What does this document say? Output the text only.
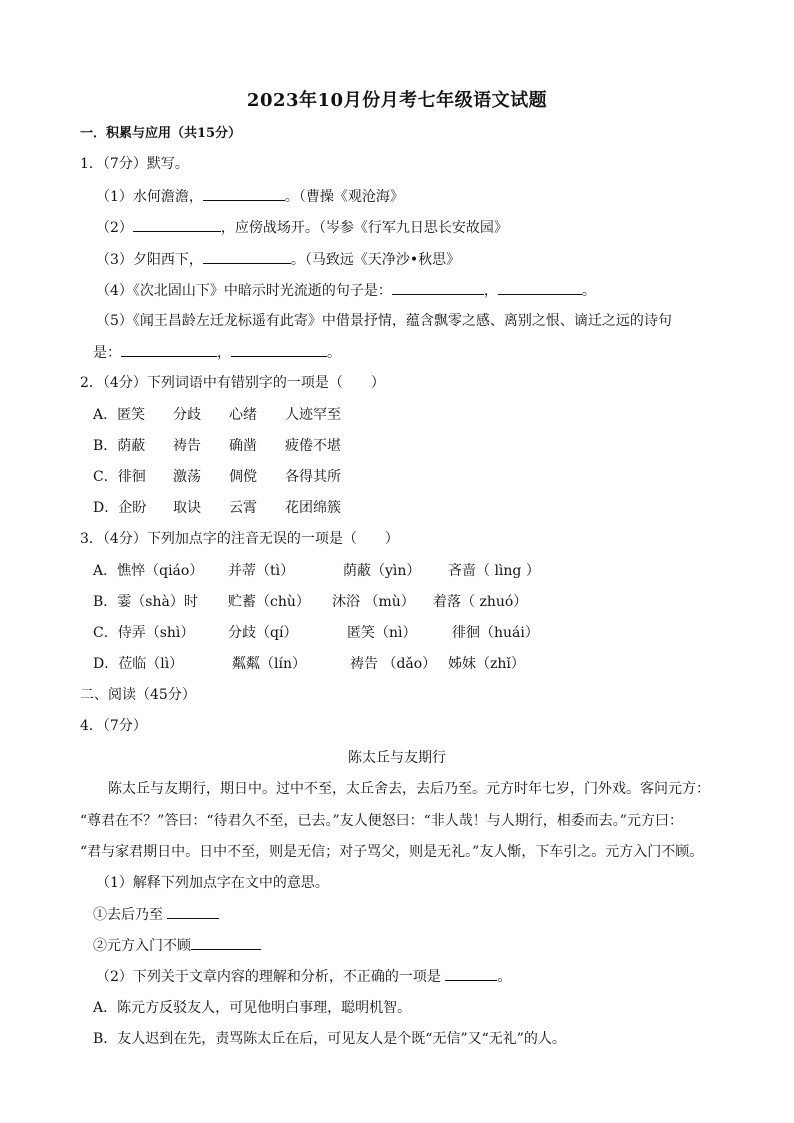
2023年10月份月考七年级语文试题
一．积累与应用（共15分）
1．（7分）默写。
（1）水何澹澹，	。（曹操《观沧海》
（2）	，应傍战场开。（岑参《行军九日思长安故园》
（3）夕阳西下，	。（马致远《天净沙•秋思》
（4）《次北固山下》中暗示时光流逝的句子是：	，	。
（5）《闻王昌龄左迁龙标遥有此寄》中借景抒情，蕴含飘零之感、离别之恨、谪迁之远的诗句
是：	，	。
2．（4分）下列词语中有错别字的一项是（　　）
A．匿笑 分歧 心绪 人迹罕至
B．荫蔽 祷告 确凿 疲倦不堪
C．徘徊 激荡 倜傥 各得其所
D．企盼 取诀 云霄 花团绵簇
3．（4分）下列加点字的注音无误的一项是（　　）
A．憔悴（qiáo） 并蒂（tì）	荫蔽（yìn） 吝啬（ lìng ）
B．霎（shà）时 贮蓄（chù） 沐浴 （mù） 着落（ zhuó）
C．侍弄（shì） 分歧（qí）	匿笑（nì）	徘徊（huái）
D．莅临（lì）	粼粼（lín）	祷告 （dǎo） 姊妹（zhǐ）
二、阅读（45分）
4．（7分）
陈太丘与友期行
陈太丘与友期行，期日中。过中不至，太丘舍去，去后乃至。元方时年七岁，门外戏。客问元方：
“尊君在不？”答曰：“待君久不至，已去。”友人便怒曰：“非人哉！与人期行，相委而去。”元方曰：
“君与家君期日中。日中不至，则是无信；对子骂父，则是无礼。”友人惭，下车引之。元方入门不顾。
（1）解释下列加点字在文中的意思。
①去后乃至
②元方入门不顾
（2）下列关于文章内容的理解和分析，不正确的一项是	。
A．陈元方反驳友人，可见他明白事理，聪明机智。
B．友人迟到在先，责骂陈太丘在后，可见友人是个既“无信”又“无礼”的人。
